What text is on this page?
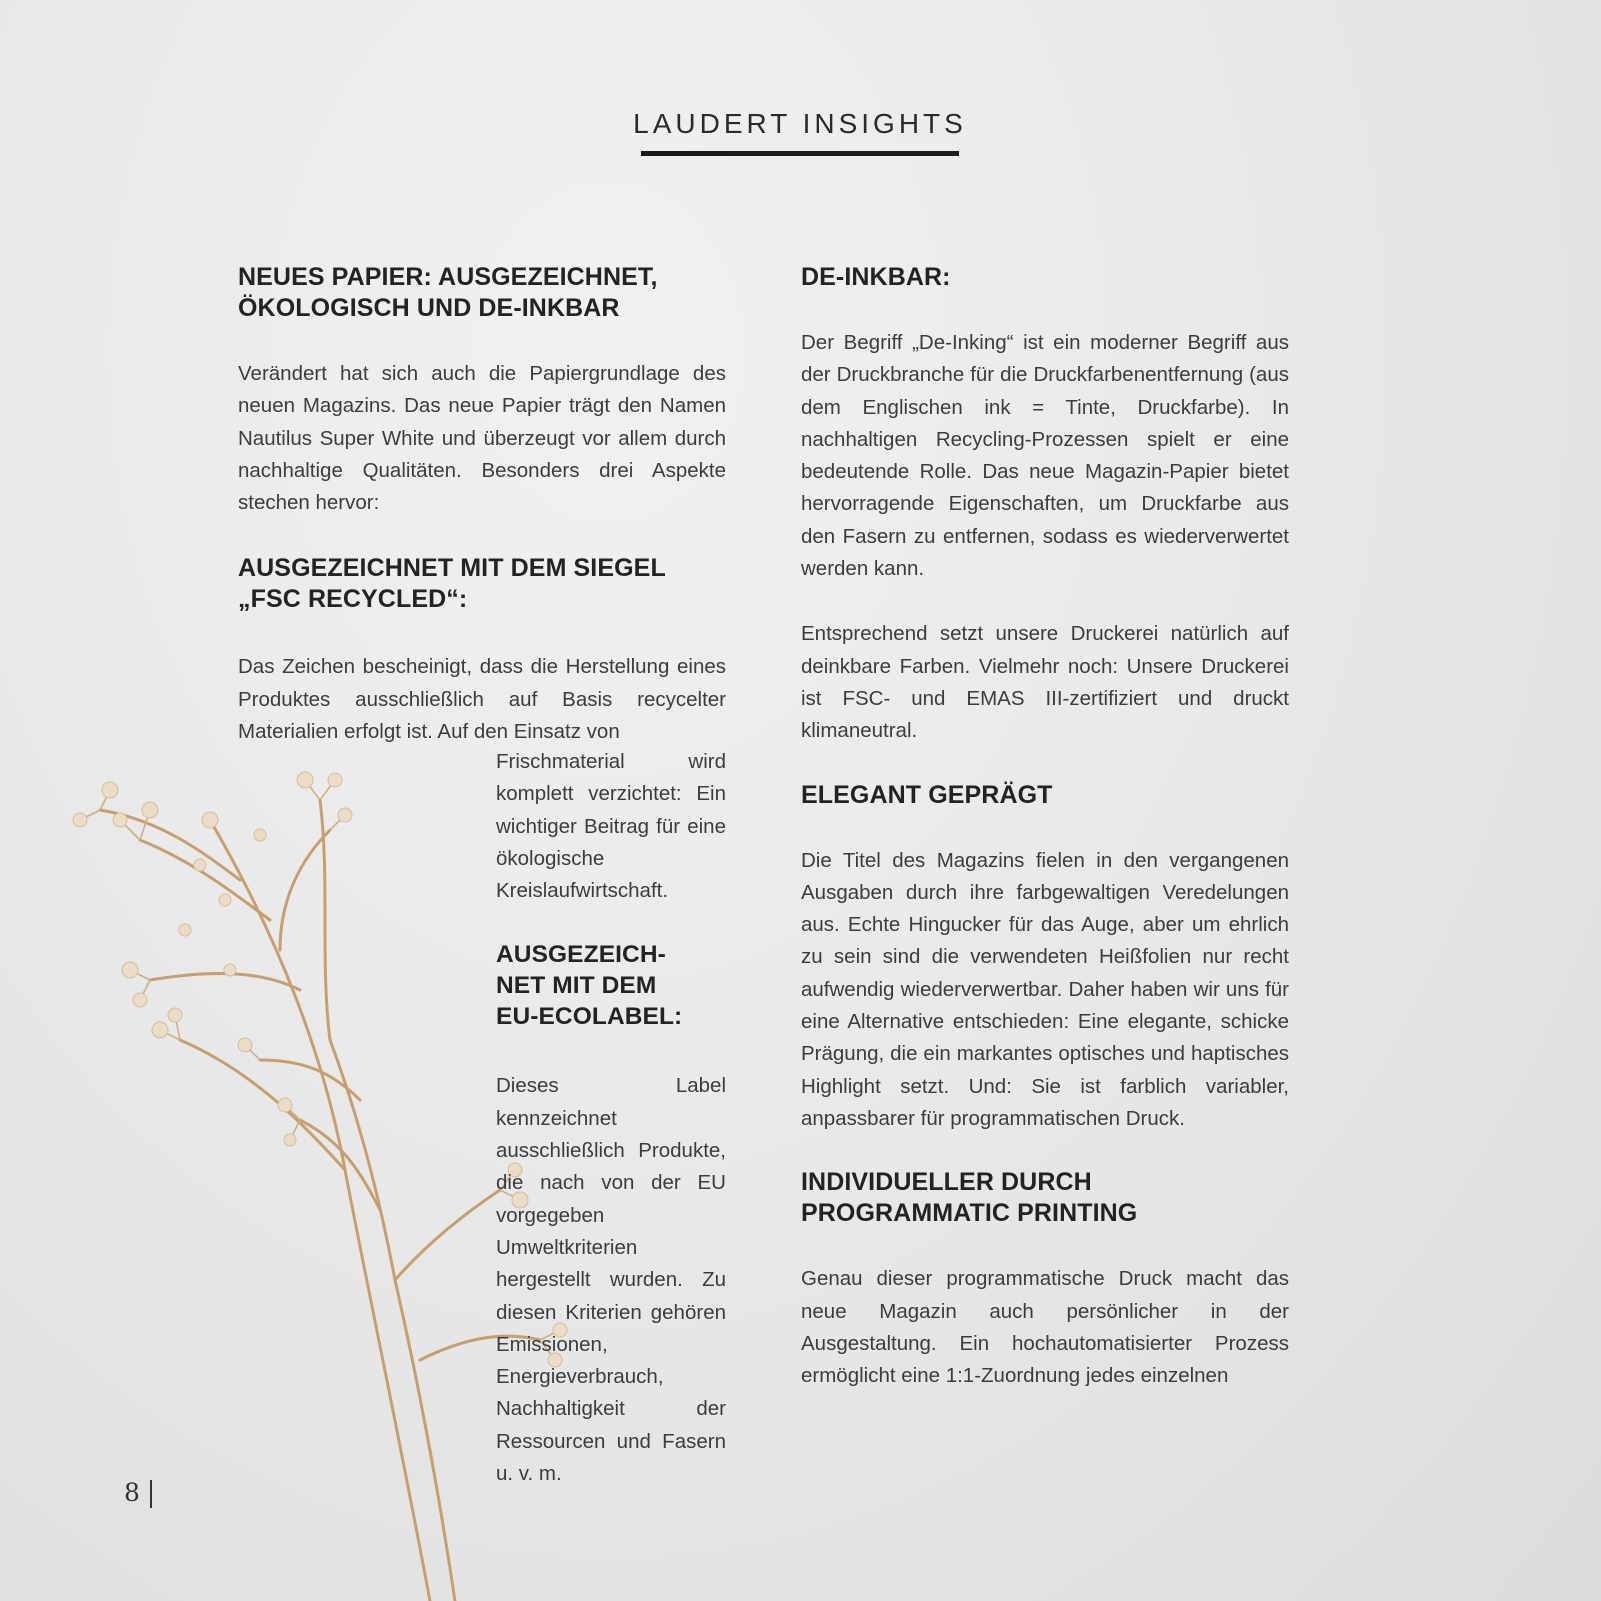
LAUDERT INSIGHTS
NEUES PAPIER: AUSGEZEICHNET,
ÖKOLOGISCH UND DE-INKBAR

Verändert hat sich auch die Papiergrundlage des neuen Magazins. Das neue Papier trägt den Namen Nautilus Super White und überzeugt vor allem durch nachhaltige Qualitäten. Besonders drei Aspekte stechen hervor:

AUSGEZEICHNET MIT DEM SIEGEL
„FSC RECYCLED“:

Das Zeichen bescheinigt, dass die Herstellung eines Produktes ausschließlich auf Basis recycelter Materialien erfolgt ist. Auf den Einsatz von

Frischmaterial wird komplett verzichtet: Ein wichtiger Beitrag für eine ökologische Kreislaufwirtschaft.

AUSGEZEICH-
NET MIT DEM
EU-ECOLABEL:

Dieses Label kennzeichnet ausschließlich Produkte, die nach von der EU vorgegeben Umweltkriterien hergestellt wurden. Zu diesen Kriterien gehören Emissionen, Energieverbrauch, Nachhaltigkeit der Ressourcen und Fasern u. v. m.

DE-INKBAR:

Der Begriff „De-Inking“ ist ein moderner Begriff aus der Druckbranche für die Druckfarbenentfernung (aus dem Englischen ink = Tinte, Druckfarbe). In nachhaltigen Recycling-Prozessen spielt er eine bedeutende Rolle. Das neue Magazin-Papier bietet hervorragende Eigenschaften, um Druckfarbe aus den Fasern zu entfernen, sodass es wiederverwertet werden kann.

Entsprechend setzt unsere Druckerei natürlich auf deinkbare Farben. Vielmehr noch: Unsere Druckerei ist FSC- und EMAS III-zertifiziert und druckt klimaneutral.

ELEGANT GEPRÄGT

Die Titel des Magazins fielen in den vergangenen Ausgaben durch ihre farbgewaltigen Veredelungen aus. Echte Hingucker für das Auge, aber um ehrlich zu sein sind die verwendeten Heißfolien nur recht aufwendig wiederverwertbar. Daher haben wir uns für eine Alternative entschieden: Eine elegante, schicke Prägung, die ein markantes optisches und haptisches Highlight setzt. Und: Sie ist farblich variabler, anpassbarer für programmatischen Druck.

INDIVIDUELLER DURCH
PROGRAMMATIC PRINTING

Genau dieser programmatische Druck macht das neue Magazin auch persönlicher in der Ausgestaltung. Ein hochautomatisierter Prozess ermöglicht eine 1:1-Zuordnung jedes einzelnen

8
